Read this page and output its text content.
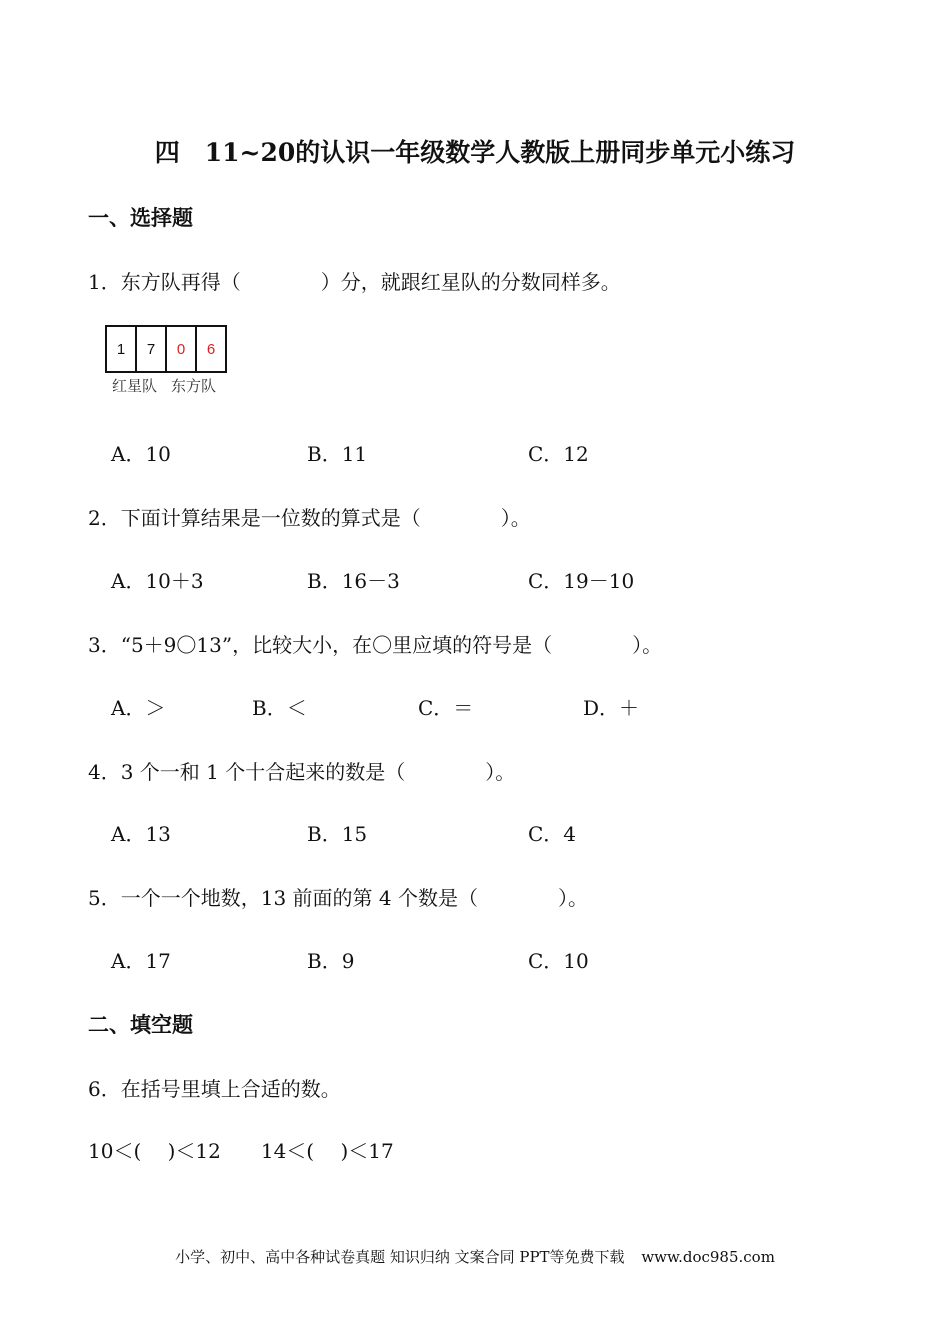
四　11~20的认识一年级数学人教版上册同步单元小练习
一、选择题
1．东方队再得（　　　　）分，就跟红星队的分数同样多。
1	7	0	6
红星队 东方队
A．10	B．11	C．12
2．下面计算结果是一位数的算式是（　　　　）。
A．10＋3	B．16－3	C．19－10
3．“5＋9〇13”，比较大小，在〇里应填的符号是（　　　　）。
A．＞	B．＜	C．＝	D．＋
4．3 个一和 1 个十合起来的数是（　　　　）。
A．13	B．15	C．4
5．一个一个地数，13 前面的第 4 个数是（　　　　）。
A．17	B．9	C．10
二、填空题
6．在括号里填上合适的数。
10＜(　 )＜12　　14＜(　 )＜17
小学、初中、高中各种试卷真题 知识归纳 文案合同 PPT等免费下载 www.doc985.com
